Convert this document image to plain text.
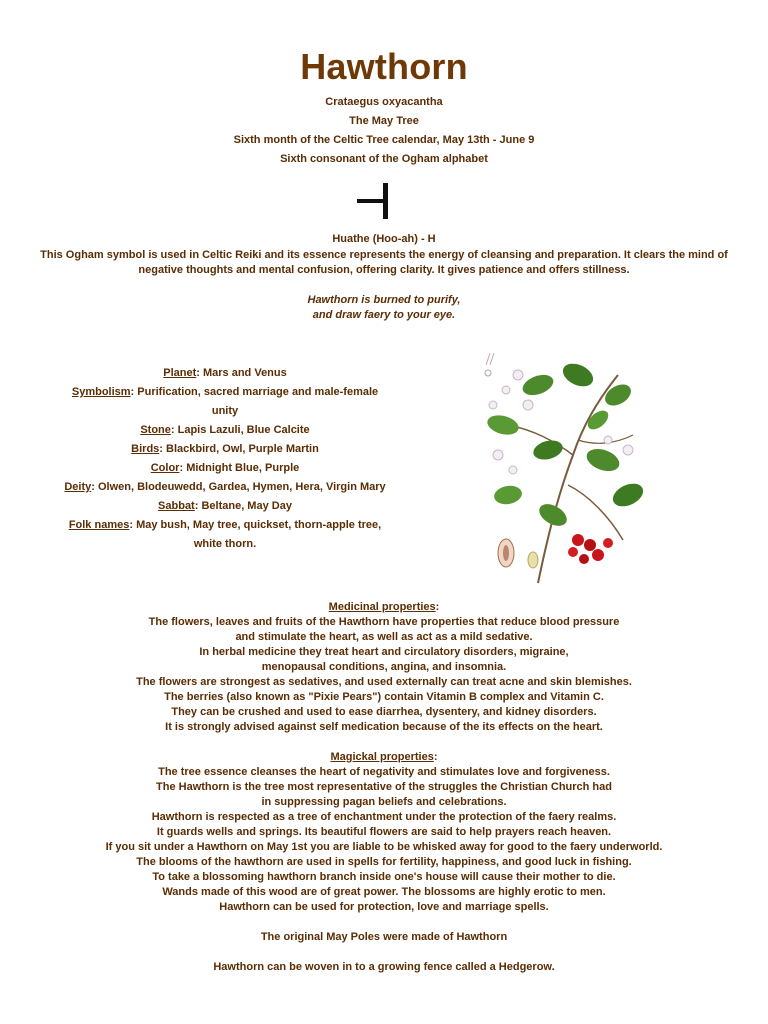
Hawthorn
Crataegus oxyacantha
The May Tree
Sixth month of the Celtic Tree calendar, May 13th - June 9
Sixth consonant of the Ogham alphabet
Huathe (Hoo-ah) - H
This Ogham symbol is used in Celtic Reiki and its essence represents the energy of cleansing and preparation. It clears the mind of negative thoughts and mental confusion, offering clarity. It gives patience and offers stillness.
Hawthorn is burned to purify,
and draw faery to your eye.
Planet: Mars and Venus
Symbolism: Purification, sacred marriage and male-female unity
Stone: Lapis Lazuli, Blue Calcite
Birds: Blackbird, Owl, Purple Martin
Color: Midnight Blue, Purple
Deity: Olwen, Blodeuwedd, Gardea, Hymen, Hera, Virgin Mary
Sabbat: Beltane, May Day
Folk names: May bush, May tree, quickset, thorn-apple tree, white thorn.
Medicinal properties:
The flowers, leaves and fruits of the Hawthorn have properties that reduce blood pressure
and stimulate the heart, as well as act as a mild sedative.
In herbal medicine they treat heart and circulatory disorders, migraine,
menopausal conditions, angina, and insomnia.
The flowers are strongest as sedatives, and used externally can treat acne and skin blemishes.
The berries (also known as "Pixie Pears") contain Vitamin B complex and Vitamin C.
They can be crushed and used to ease diarrhea, dysentery, and kidney disorders.
It is strongly advised against self medication because of the its effects on the heart.
Magickal properties:
The tree essence cleanses the heart of negativity and stimulates love and forgiveness.
The Hawthorn is the tree most representative of the struggles the Christian Church had
in suppressing pagan beliefs and celebrations.
Hawthorn is respected as a tree of enchantment under the protection of the faery realms.
It guards wells and springs. Its beautiful flowers are said to help prayers reach heaven.
If you sit under a Hawthorn on May 1st you are liable to be whisked away for good to the faery underworld.
The blooms of the hawthorn are used in spells for fertility, happiness, and good luck in fishing.
To take a blossoming hawthorn branch inside one's house will cause their mother to die.
Wands made of this wood are of great power. The blossoms are highly erotic to men.
Hawthorn can be used for protection, love and marriage spells.
The original May Poles were made of Hawthorn
Hawthorn can be woven in to a growing fence called a Hedgerow.
